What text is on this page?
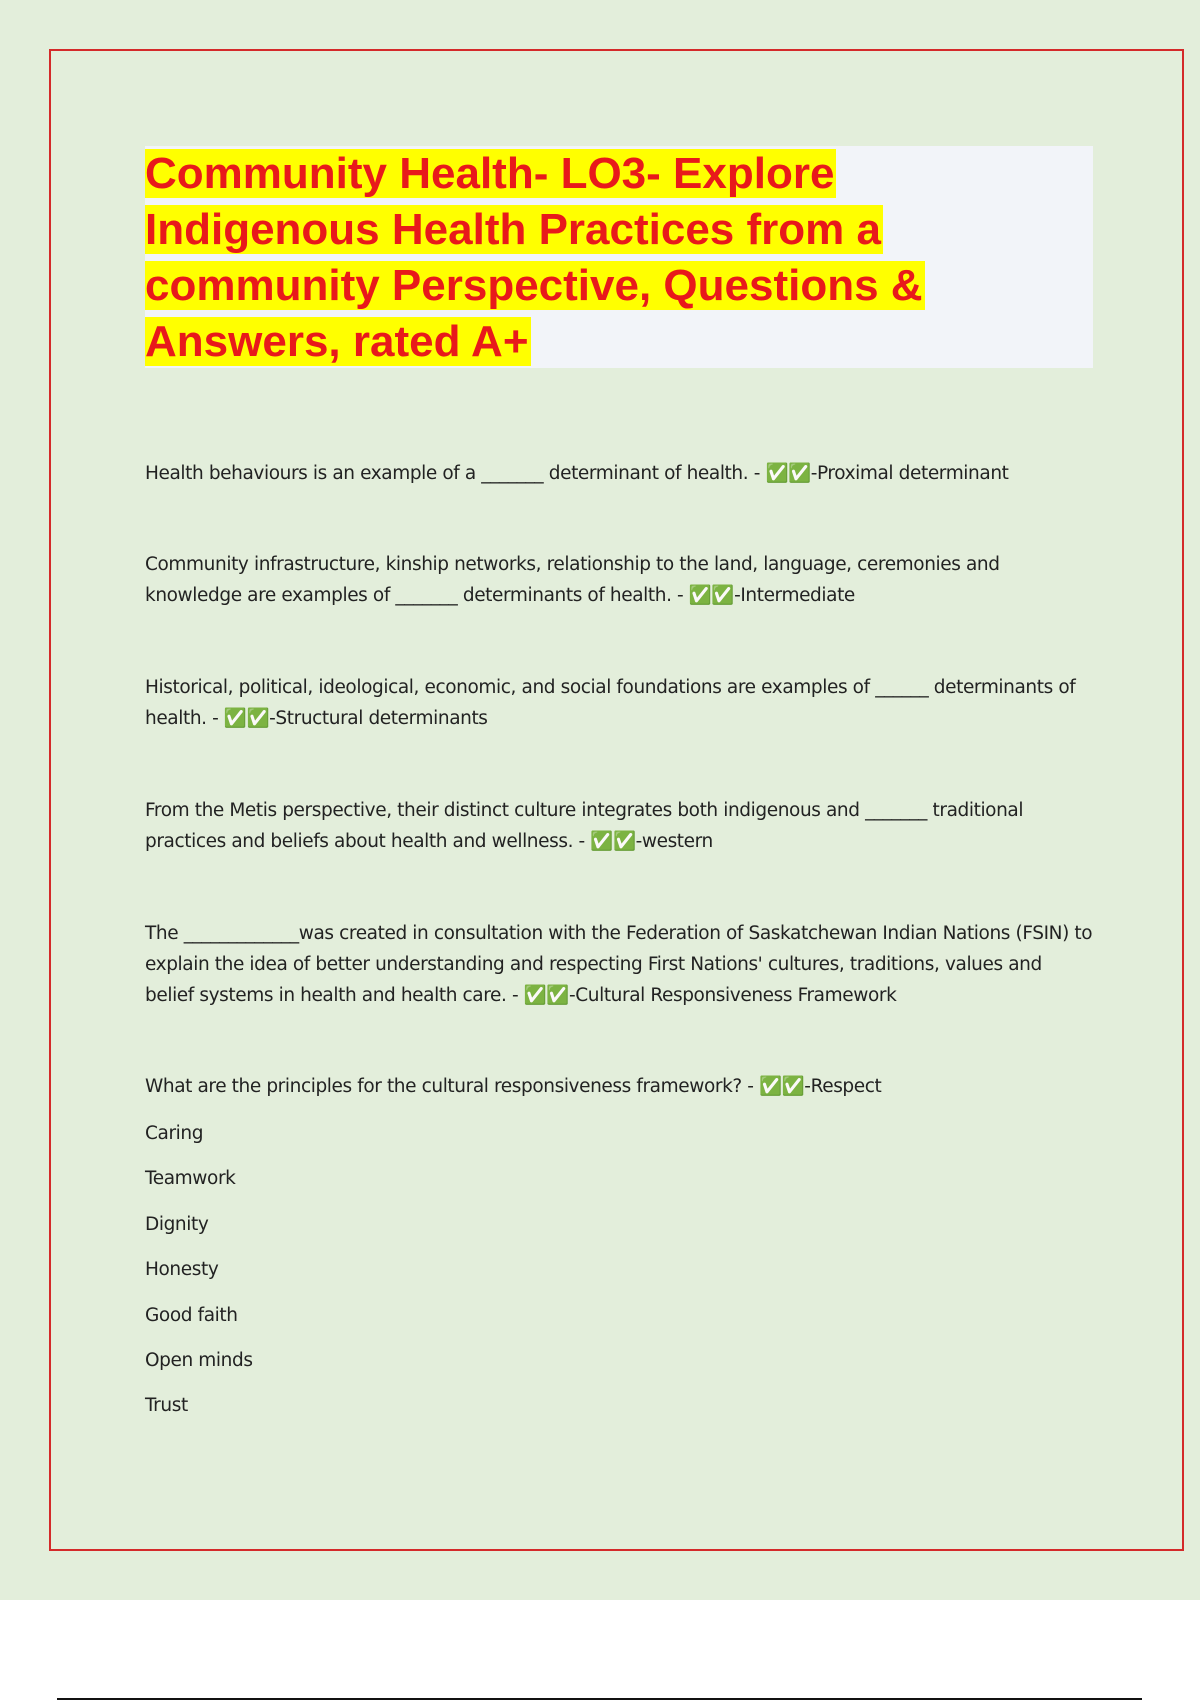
Community Health- LO3- Explore
Indigenous Health Practices from a
community Perspective, Questions &
Answers, rated A+

Health behaviours is an example of a _______ determinant of health. - ✅✅-Proximal determinant

Community infrastructure, kinship networks, relationship to the land, language, ceremonies and knowledge are examples of _______ determinants of health. - ✅✅-Intermediate

Historical, political, ideological, economic, and social foundations are examples of ______ determinants of health. - ✅✅-Structural determinants

From the Metis perspective, their distinct culture integrates both indigenous and _______ traditional practices and beliefs about health and wellness. - ✅✅-western

The _____________was created in consultation with the Federation of Saskatchewan Indian Nations (FSIN) to explain the idea of better understanding and respecting First Nations' cultures, traditions, values and belief systems in health and health care. - ✅✅-Cultural Responsiveness Framework

What are the principles for the cultural responsiveness framework? - ✅✅-Respect

Caring
Teamwork
Dignity
Honesty
Good faith
Open minds
Trust
